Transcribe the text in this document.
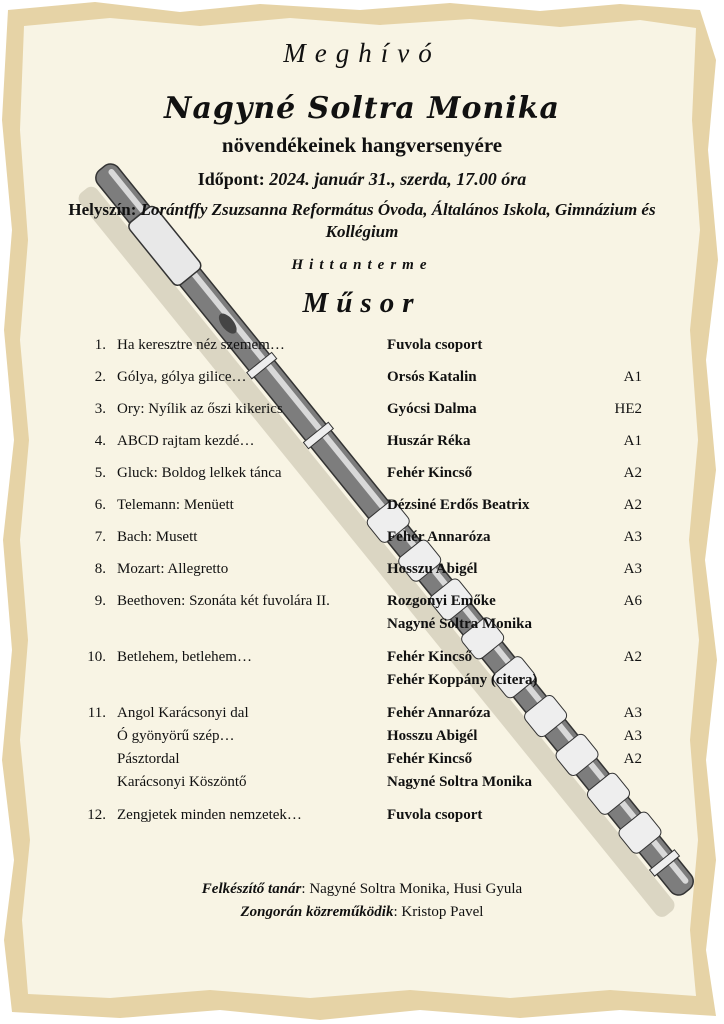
Meghívó
Nagyné Soltra Monika
növendékeinek hangversenyére
Időpont: 2024. január 31., szerda, 17.00 óra
Helyszín: Lorántffy Zsuzsanna Református Óvoda, Általános Iskola, Gimnázium és Kollégium
Hittanterme
Műsor
1. Ha keresztre néz szemem…	Fuvola csoport
2. Gólya, gólya gilice…	Orsós Katalin	A1
3. Ory: Nyílik az őszi kikerics	Gyócsi Dalma	HE2
4. ABCD rajtam kezdé…	Huszár Réka	A1
5. Gluck: Boldog lelkek tánca	Fehér Kincső	A2
6. Telemann: Menüett	Dézsiné Erdős Beatrix	A2
7. Bach: Musett	Fehér Annaróza	A3
8. Mozart: Allegretto	Hosszu Abigél	A3
9. Beethoven: Szonáta két fuvolára II.	Rozgonyi Emőke	A6
Nagyné Soltra Monika
10. Betlehem, betlehem…	Fehér Kincső	A2
Fehér Koppány (citera)
11. Angol Karácsonyi dal	Fehér Annaróza	A3
Ó gyönyörű szép…	Hosszu Abigél	A3
Pásztordal	Fehér Kincső	A2
Karácsonyi Köszöntő	Nagyné Soltra Monika
12. Zengjetek minden nemzetek…	Fuvola csoport
Felkészítő tanár: Nagyné Soltra Monika, Husi Gyula
Zongorán közreműködik: Kristop Pavel
